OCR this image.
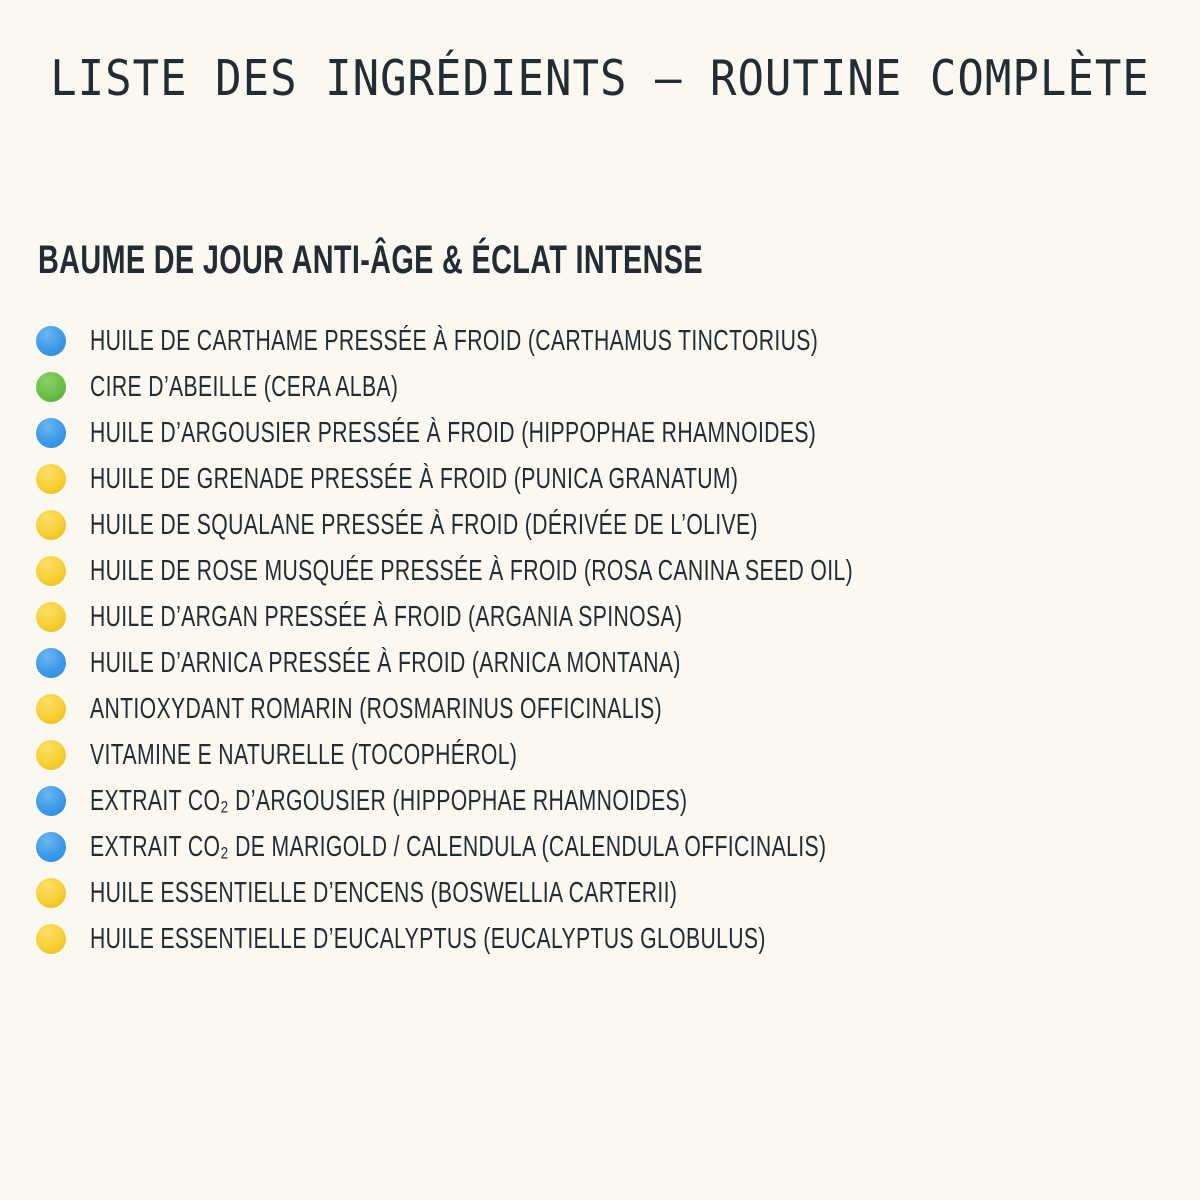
LISTE DES INGRÉDIENTS – ROUTINE COMPLÈTE
BAUME DE JOUR ANTI-ÂGE & ÉCLAT INTENSE
HUILE DE CARTHAME PRESSÉE À FROID (CARTHAMUS TINCTORIUS)
CIRE D’ABEILLE (CERA ALBA)
HUILE D’ARGOUSIER PRESSÉE À FROID (HIPPOPHAE RHAMNOIDES)
HUILE DE GRENADE PRESSÉE À FROID (PUNICA GRANATUM)
HUILE DE SQUALANE PRESSÉE À FROID (DÉRIVÉE DE L’OLIVE)
HUILE DE ROSE MUSQUÉE PRESSÉE À FROID (ROSA CANINA SEED OIL)
HUILE D’ARGAN PRESSÉE À FROID (ARGANIA SPINOSA)
HUILE D’ARNICA PRESSÉE À FROID (ARNICA MONTANA)
ANTIOXYDANT ROMARIN (ROSMARINUS OFFICINALIS)
VITAMINE E NATURELLE (TOCOPHÉROL)
EXTRAIT CO₂ D’ARGOUSIER (HIPPOPHAE RHAMNOIDES)
EXTRAIT CO₂ DE MARIGOLD / CALENDULA (CALENDULA OFFICINALIS)
HUILE ESSENTIELLE D’ENCENS (BOSWELLIA CARTERII)
HUILE ESSENTIELLE D’EUCALYPTUS (EUCALYPTUS GLOBULUS)
